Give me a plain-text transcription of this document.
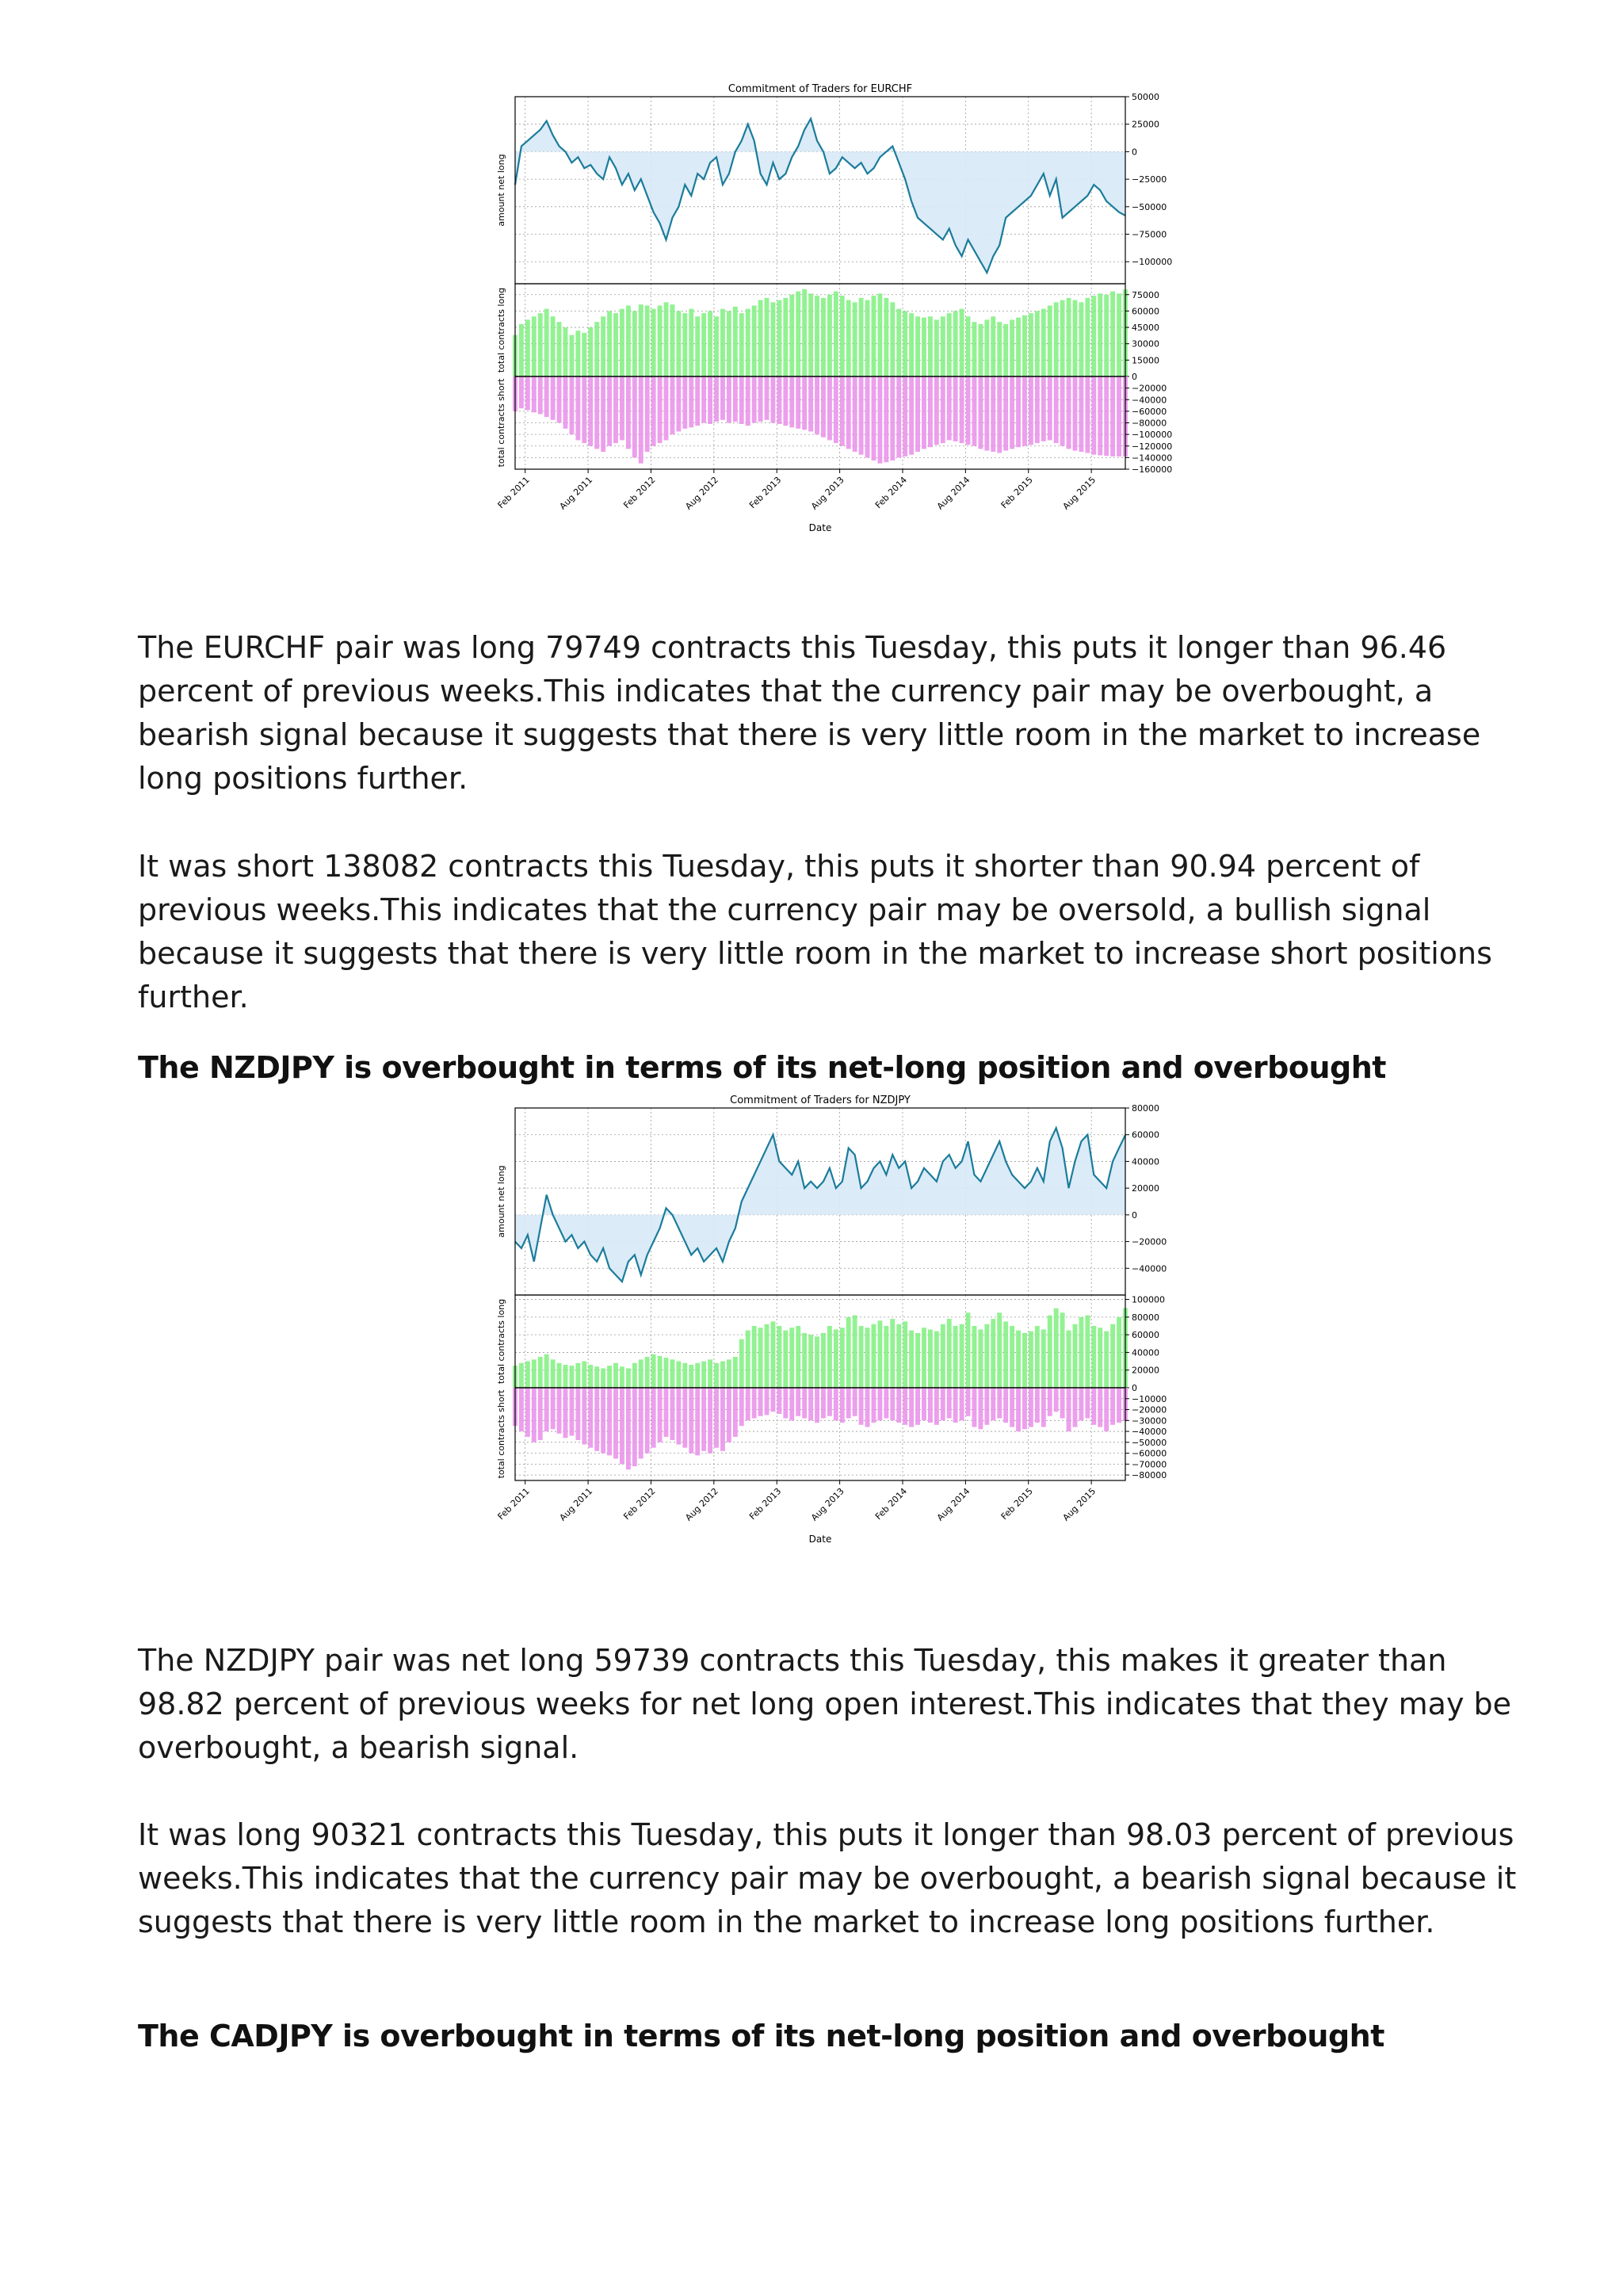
Commitment of Traders for EURCHF
50000
25000
0
−25000
−50000
−75000
−100000
amount net long
75000
60000
45000
30000
15000
0
total contracts long
−20000
−40000
−60000
−80000
−100000
−120000
−140000
−160000
total contracts short
Feb 2011	Aug 2011	Feb 2012	Aug 2012	Feb 2013	Aug 2013	Feb 2014	Aug 2014	Feb 2015	Aug 2015
Date

The EURCHF pair was long 79749 contracts this Tuesday, this puts it longer than 96.46 percent of previous weeks.This indicates that the currency pair may be overbought, a bearish signal because it suggests that there is very little room in the market to increase long positions further.

It was short 138082 contracts this Tuesday, this puts it shorter than 90.94 percent of previous weeks.This indicates that the currency pair may be oversold, a bullish signal because it suggests that there is very little room in the market to increase short positions further.

The NZDJPY is overbought in terms of its net-long position and overbought
Commitment of Traders for NZDJPY
80000
60000
40000
20000
0
−20000
−40000
amount net long
100000
80000
60000
40000
20000
0
total contracts long
−10000
−20000
−30000
−40000
−50000
−60000
−70000
−80000
total contracts short
Feb 2011	Aug 2011	Feb 2012	Aug 2012	Feb 2013	Aug 2013	Feb 2014	Aug 2014	Feb 2015	Aug 2015
Date

The NZDJPY pair was net long 59739 contracts this Tuesday, this makes it greater than 98.82 percent of previous weeks for net long open interest.This indicates that they may be overbought, a bearish signal.

It was long 90321 contracts this Tuesday, this puts it longer than 98.03 percent of previous weeks.This indicates that the currency pair may be overbought, a bearish signal because it suggests that there is very little room in the market to increase long positions further.

The CADJPY is overbought in terms of its net-long position and overbought
